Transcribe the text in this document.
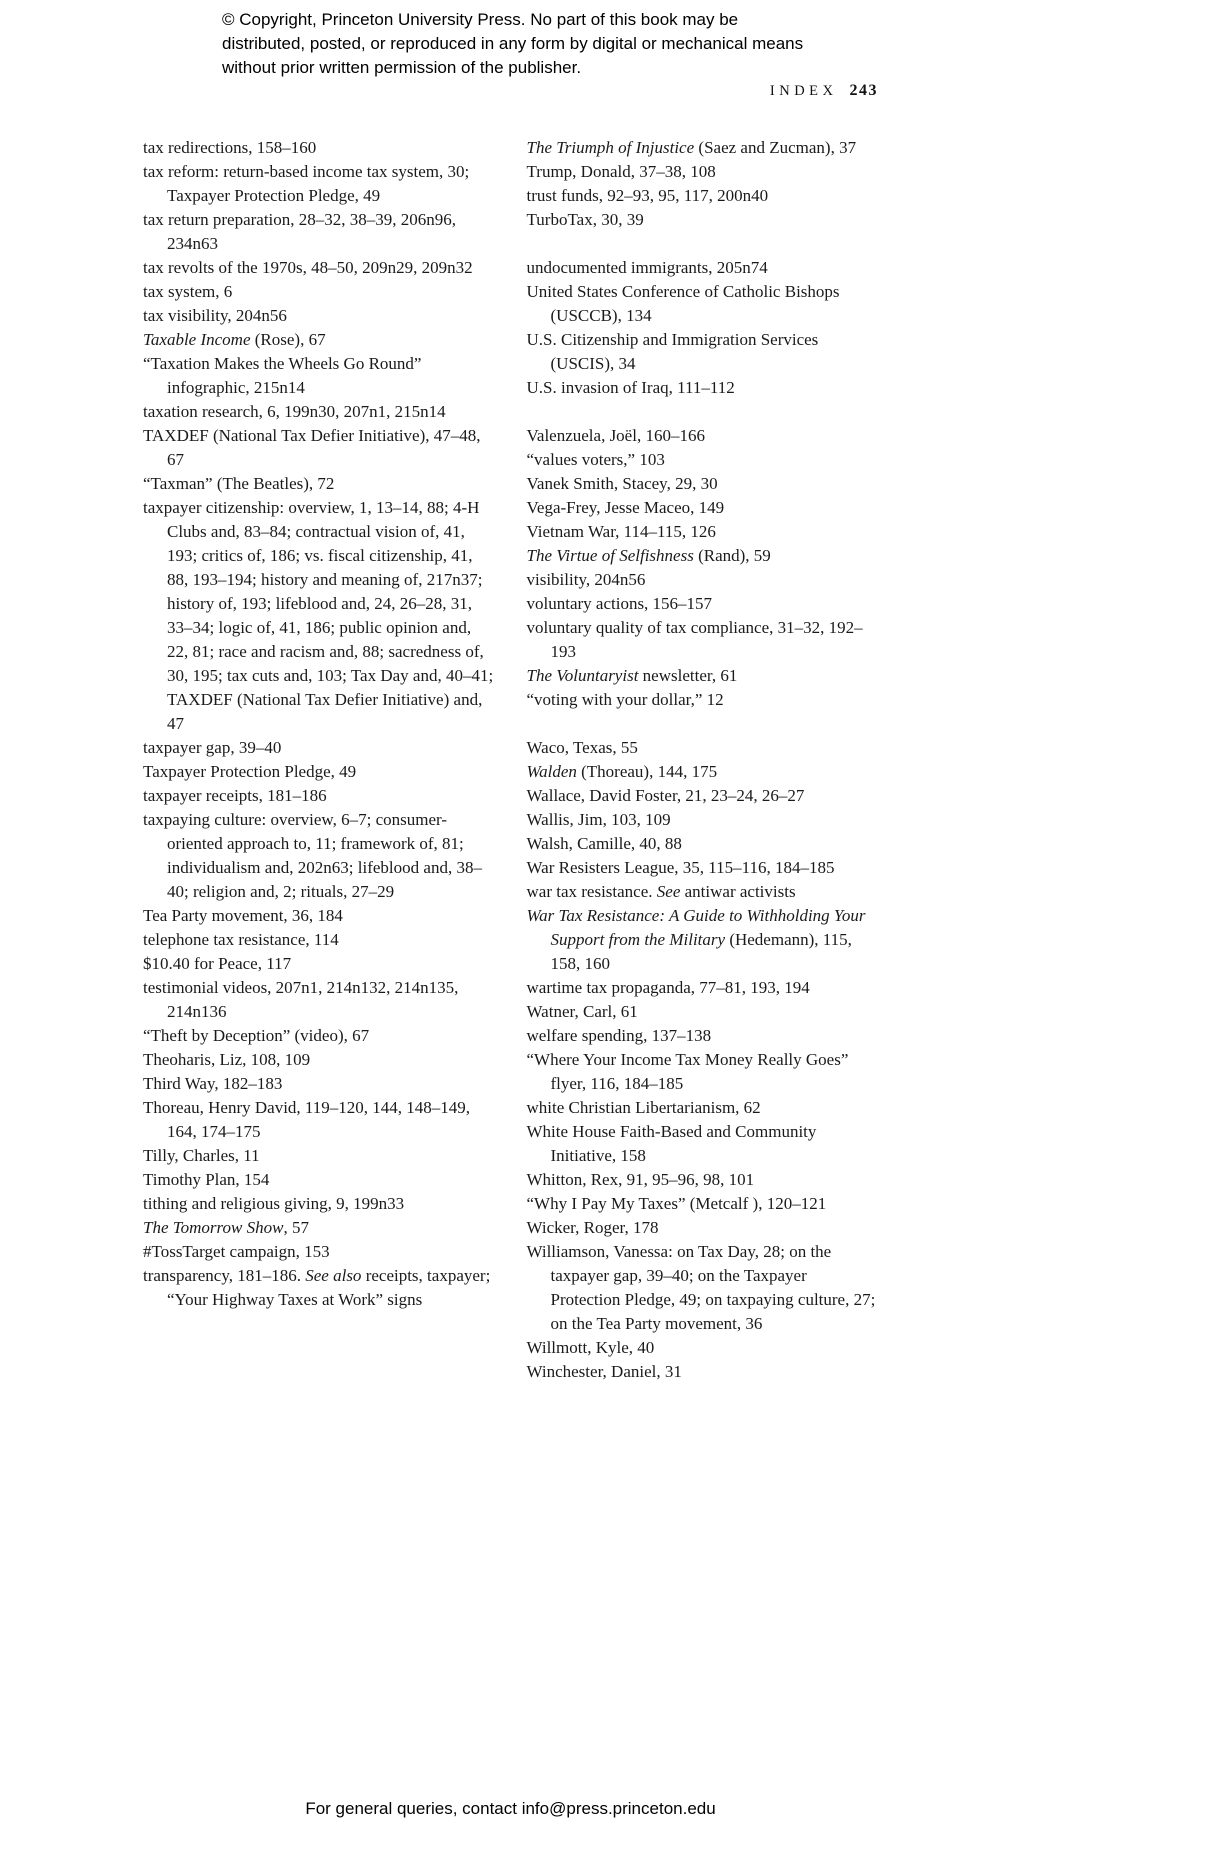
© Copyright, Princeton University Press. No part of this book may be distributed, posted, or reproduced in any form by digital or mechanical means without prior written permission of the publisher.
INDEX 243
tax redirections, 158–160
tax reform: return-based income tax system, 30; Taxpayer Protection Pledge, 49
tax return preparation, 28–32, 38–39, 206n96, 234n63
tax revolts of the 1970s, 48–50, 209n29, 209n32
tax system, 6
tax visibility, 204n56
Taxable Income (Rose), 67
“Taxation Makes the Wheels Go Round” infographic, 215n14
taxation research, 6, 199n30, 207n1, 215n14
TAXDEF (National Tax Defier Initiative), 47–48, 67
“Taxman” (The Beatles), 72
taxpayer citizenship: overview, 1, 13–14, 88; 4-H Clubs and, 83–84; contractual vision of, 41, 193; critics of, 186; vs. fiscal citizenship, 41, 88, 193–194; history and meaning of, 217n37; history of, 193; lifeblood and, 24, 26–28, 31, 33–34; logic of, 41, 186; public opinion and, 22, 81; race and racism and, 88; sacredness of, 30, 195; tax cuts and, 103; Tax Day and, 40–41; TAXDEF (National Tax Defier Initiative) and, 47
taxpayer gap, 39–40
Taxpayer Protection Pledge, 49
taxpayer receipts, 181–186
taxpaying culture: overview, 6–7; consumer-oriented approach to, 11; framework of, 81; individualism and, 202n63; lifeblood and, 38–40; religion and, 2; rituals, 27–29
Tea Party movement, 36, 184
telephone tax resistance, 114
$10.40 for Peace, 117
testimonial videos, 207n1, 214n132, 214n135, 214n136
“Theft by Deception” (video), 67
Theoharis, Liz, 108, 109
Third Way, 182–183
Thoreau, Henry David, 119–120, 144, 148–149, 164, 174–175
Tilly, Charles, 11
Timothy Plan, 154
tithing and religious giving, 9, 199n33
The Tomorrow Show, 57
#TossTarget campaign, 153
transparency, 181–186. See also receipts, taxpayer; “Your Highway Taxes at Work” signs
The Triumph of Injustice (Saez and Zucman), 37
Trump, Donald, 37–38, 108
trust funds, 92–93, 95, 117, 200n40
TurboTax, 30, 39
undocumented immigrants, 205n74
United States Conference of Catholic Bishops (USCCB), 134
U.S. Citizenship and Immigration Services (USCIS), 34
U.S. invasion of Iraq, 111–112
Valenzuela, Joël, 160–166
“values voters,” 103
Vanek Smith, Stacey, 29, 30
Vega-Frey, Jesse Maceo, 149
Vietnam War, 114–115, 126
The Virtue of Selfishness (Rand), 59
visibility, 204n56
voluntary actions, 156–157
voluntary quality of tax compliance, 31–32, 192–193
The Voluntaryist newsletter, 61
“voting with your dollar,” 12
Waco, Texas, 55
Walden (Thoreau), 144, 175
Wallace, David Foster, 21, 23–24, 26–27
Wallis, Jim, 103, 109
Walsh, Camille, 40, 88
War Resisters League, 35, 115–116, 184–185
war tax resistance. See antiwar activists
War Tax Resistance: A Guide to Withholding Your Support from the Military (Hedemann), 115, 158, 160
wartime tax propaganda, 77–81, 193, 194
Watner, Carl, 61
welfare spending, 137–138
“Where Your Income Tax Money Really Goes” flyer, 116, 184–185
white Christian Libertarianism, 62
White House Faith-Based and Community Initiative, 158
Whitton, Rex, 91, 95–96, 98, 101
“Why I Pay My Taxes” (Metcalf ), 120–121
Wicker, Roger, 178
Williamson, Vanessa: on Tax Day, 28; on the taxpayer gap, 39–40; on the Taxpayer Protection Pledge, 49; on taxpaying culture, 27; on the Tea Party movement, 36
Willmott, Kyle, 40
Winchester, Daniel, 31
For general queries, contact info@press.princeton.edu
